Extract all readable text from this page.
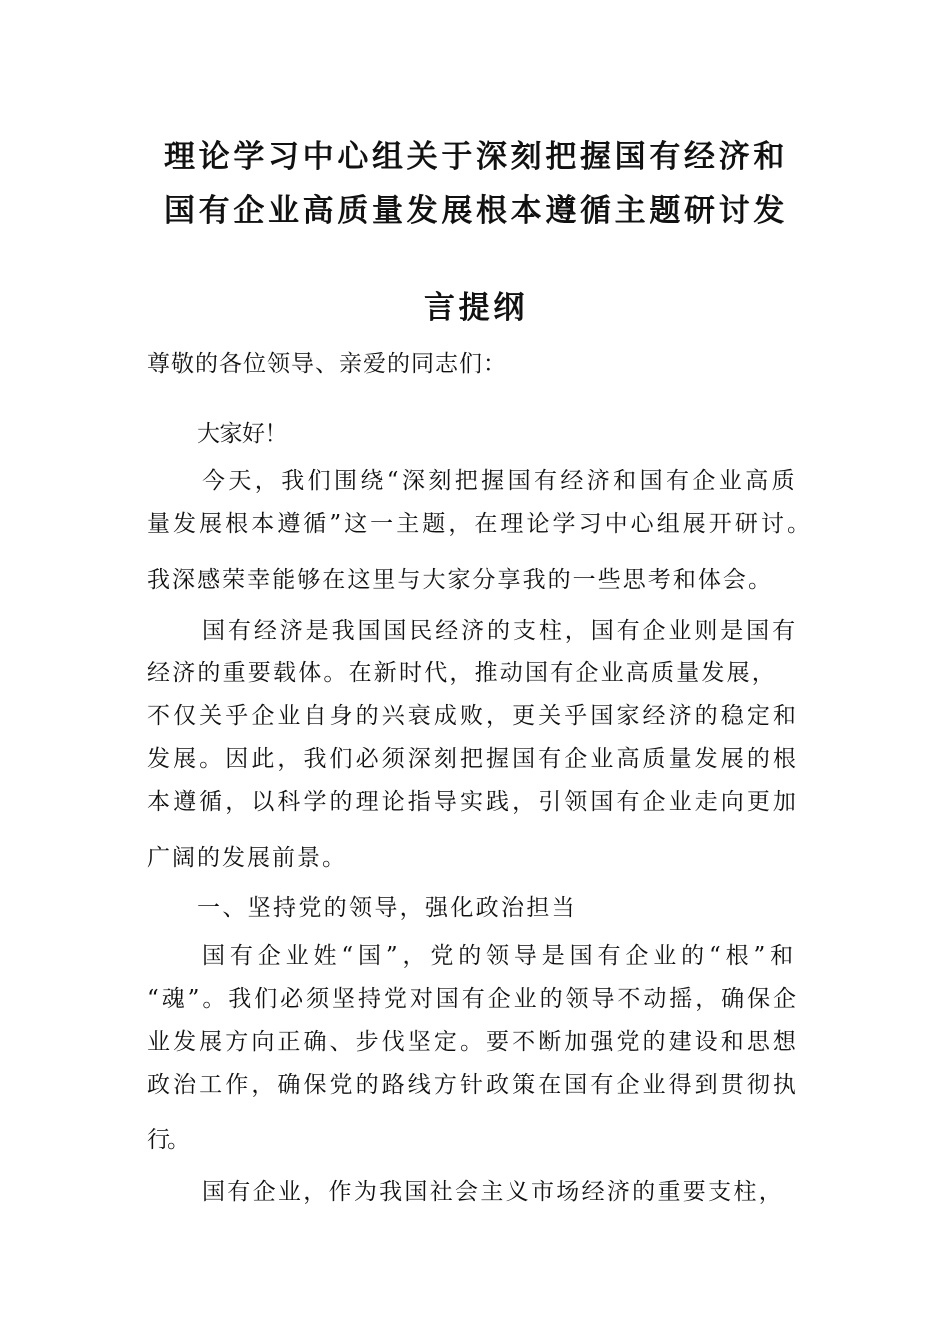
理论学习中心组关于深刻把握国有经济和
国有企业高质量发展根本遵循主题研讨发
言提纲
尊敬的各位领导、亲爱的同志们：
大家好！
今天，我们围绕“深刻把握国有经济和国有企业高质
量发展根本遵循”这一主题，在理论学习中心组展开研讨。
我深感荣幸能够在这里与大家分享我的一些思考和体会。
国有经济是我国国民经济的支柱，国有企业则是国有
经济的重要载体。在新时代，推动国有企业高质量发展，
不仅关乎企业自身的兴衰成败，更关乎国家经济的稳定和
发展。因此，我们必须深刻把握国有企业高质量发展的根
本遵循，以科学的理论指导实践，引领国有企业走向更加
广阔的发展前景。
一、坚持党的领导，强化政治担当
国有企业姓“国”，党的领导是国有企业的“根”和
“魂”。我们必须坚持党对国有企业的领导不动摇，确保企
业发展方向正确、步伐坚定。要不断加强党的建设和思想
政治工作，确保党的路线方针政策在国有企业得到贯彻执
行。
国有企业，作为我国社会主义市场经济的重要支柱，
